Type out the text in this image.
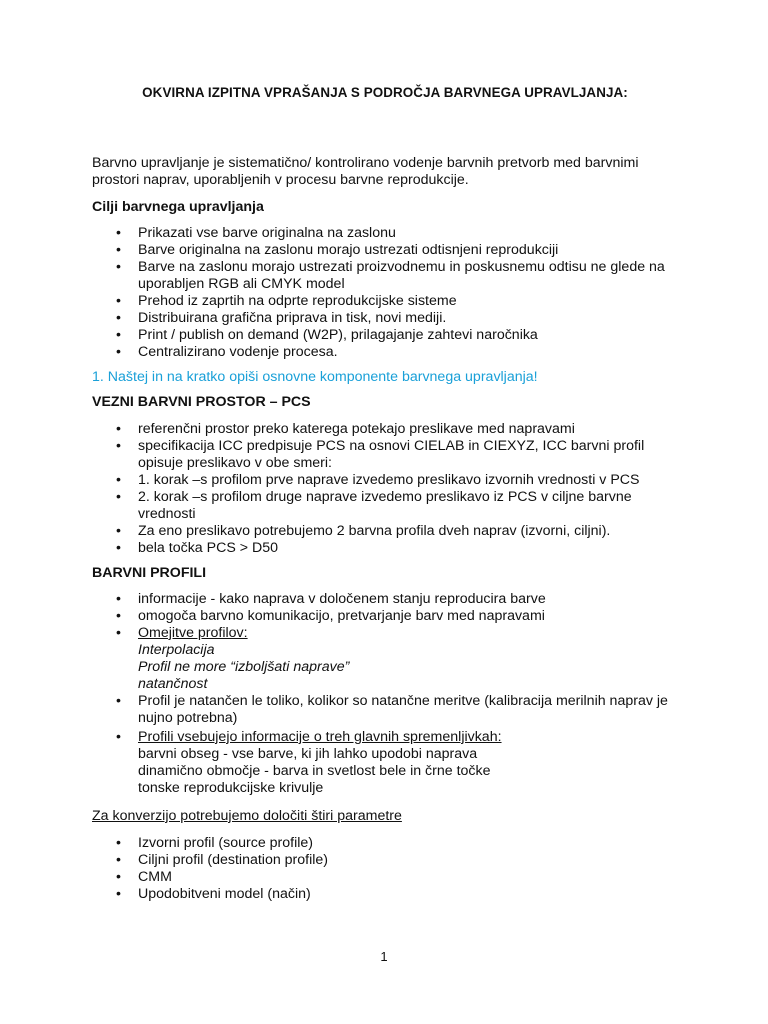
OKVIRNA IZPITNA VPRAŠANJA S PODROČJA BARVNEGA UPRAVLJANJA:

Barvno upravljanje je sistematično/ kontrolirano vodenje barvnih pretvorb med barvnimi prostori naprav, uporabljenih v procesu barvne reprodukcije.

Cilji barvnega upravljanja

• Prikazati vse barve originalna na zaslonu
• Barve originalna na zaslonu morajo ustrezati odtisnjeni reprodukciji
• Barve na zaslonu morajo ustrezati proizvodnemu in poskusnemu odtisu ne glede na uporabljen RGB ali CMYK model
• Prehod iz zaprtih na odprte reprodukcijske sisteme
• Distribuirana grafična priprava in tisk, novi mediji.
• Print / publish on demand (W2P), prilagajanje zahtevi naročnika
• Centralizirano vodenje procesa.

1. Naštej in na kratko opiši osnovne komponente barvnega upravljanja!

VEZNI BARVNI PROSTOR – PCS

• referenčni prostor preko katerega potekajo preslikave med napravami
• specifikacija ICC predpisuje PCS na osnovi CIELAB in CIEXYZ, ICC barvni profil opisuje preslikavo v obe smeri:
• 1. korak –s profilom prve naprave izvedemo preslikavo izvornih vrednosti v PCS
• 2. korak –s profilom druge naprave izvedemo preslikavo iz PCS v ciljne barvne vrednosti
• Za eno preslikavo potrebujemo 2 barvna profila dveh naprav (izvorni, ciljni).
• bela točka PCS > D50

BARVNI PROFILI

• informacije - kako naprava v določenem stanju reproducira barve
• omogoča barvno komunikacijo, pretvarjanje barv med napravami
• Omejitve profilov:
Interpolacija
Profil ne more “izboljšati naprave”
natančnost
• Profil je natančen le toliko, kolikor so natančne meritve (kalibracija merilnih naprav je nujno potrebna)
• Profili vsebujejo informacije o treh glavnih spremenljivkah:
barvni obseg - vse barve, ki jih lahko upodobi naprava
dinamično območje - barva in svetlost bele in črne točke
tonske reprodukcijske krivulje

Za konverzijo potrebujemo določiti štiri parametre

• Izvorni profil (source profile)
• Ciljni profil (destination profile)
• CMM
• Upodobitveni model (način)
1
